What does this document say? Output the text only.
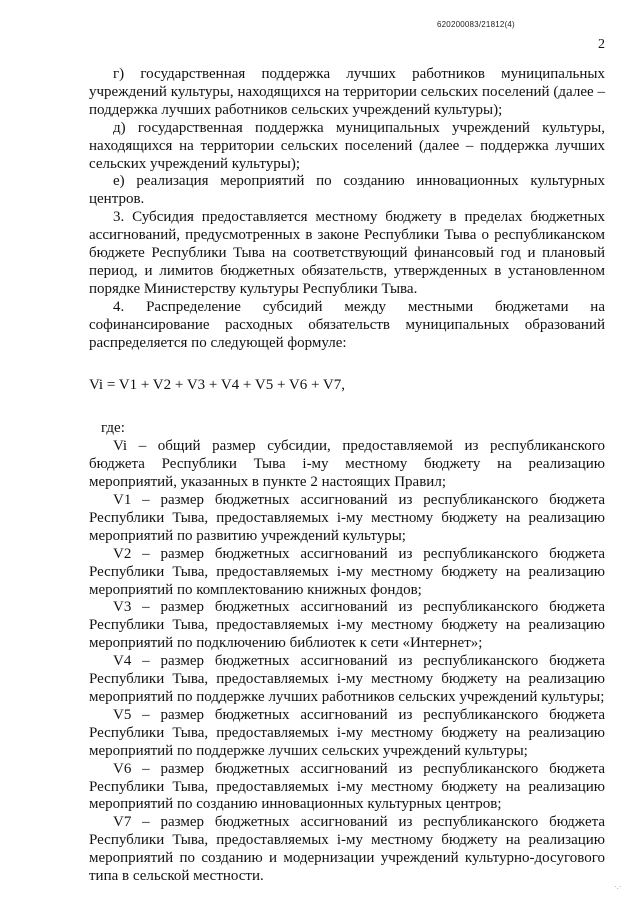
620200083/21812(4)
2

г) государственная поддержка лучших работников муниципальных учреждений культуры, находящихся на территории сельских поселений (далее – поддержка лучших работников сельских учреждений культуры);

д) государственная поддержка муниципальных учреждений культуры, находящихся на территории сельских поселений (далее – поддержка лучших сельских учреждений культуры);

е) реализация мероприятий по созданию инновационных культурных центров.

3. Субсидия предоставляется местному бюджету в пределах бюджетных ассигнований, предусмотренных в законе Республики Тыва о республиканском бюджете Республики Тыва на соответствующий финансовый год и плановый период, и лимитов бюджетных обязательств, утвержденных в установленном порядке Министерству культуры Республики Тыва.

4. Распределение субсидий между местными бюджетами на софинансирование расходных обязательств муниципальных образований распределяется по следующей формуле:

Vi = V1 + V2 + V3 + V4 + V5 + V6 + V7,

где:

Vi – общий размер субсидии, предоставляемой из республиканского бюджета Республики Тыва i-му местному бюджету на реализацию мероприятий, указанных в пункте 2 настоящих Правил;

V1 – размер бюджетных ассигнований из республиканского бюджета Республики Тыва, предоставляемых i-му местному бюджету на реализацию мероприятий по развитию учреждений культуры;

V2 – размер бюджетных ассигнований из республиканского бюджета Республики Тыва, предоставляемых i-му местному бюджету на реализацию мероприятий по комплектованию книжных фондов;

V3 – размер бюджетных ассигнований из республиканского бюджета Республики Тыва, предоставляемых i-му местному бюджету на реализацию мероприятий по подключению библиотек к сети «Интернет»;

V4 – размер бюджетных ассигнований из республиканского бюджета Республики Тыва, предоставляемых i-му местному бюджету на реализацию мероприятий по поддержке лучших работников сельских учреждений культуры;

V5 – размер бюджетных ассигнований из республиканского бюджета Республики Тыва, предоставляемых i-му местному бюджету на реализацию мероприятий по поддержке лучших сельских учреждений культуры;

V6 – размер бюджетных ассигнований из республиканского бюджета Республики Тыва, предоставляемых i-му местному бюджету на реализацию мероприятий по созданию инновационных культурных центров;

V7 – размер бюджетных ассигнований из республиканского бюджета Республики Тыва, предоставляемых i-му местному бюджету на реализацию мероприятий по созданию и модернизации учреждений культурно-досугового типа в сельской местности.

·.·
